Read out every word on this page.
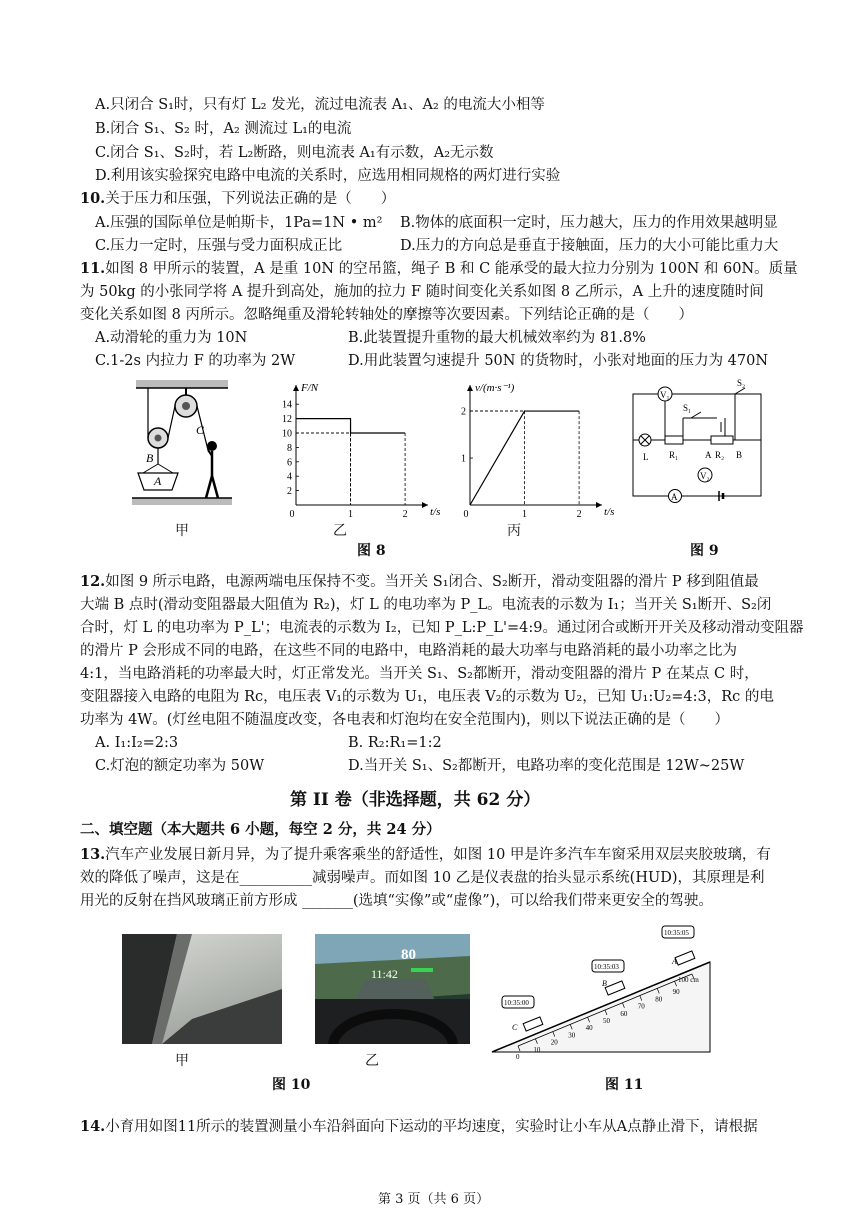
A.只闭合 S₁时，只有灯 L₂ 发光，流过电流表 A₁、A₂ 的电流大小相等
B.闭合 S₁、S₂ 时，A₂ 测流过 L₁的电流
C.闭合 S₁、S₂时，若 L₂断路，则电流表 A₁有示数，A₂无示数
D.利用该实验探究电路中电流的关系时，应选用相同规格的两灯进行实验
10.关于压力和压强，下列说法正确的是（　　）
A.压强的国际单位是帕斯卡，1Pa=1N • m² B.物体的底面积一定时，压力越大，压力的作用效果越明显
C.压力一定时，压强与受力面积成正比	D.压力的方向总是垂直于接触面，压力的大小可能比重力大
11.如图 8 甲所示的装置，A 是重 10N 的空吊篮，绳子 B 和 C 能承受的最大拉力分别为 100N 和 60N。质量
为 50kg 的小张同学将 A 提升到高处，施加的拉力 F 随时间变化关系如图 8 乙所示，A 上升的速度随时间
变化关系如图 8 丙所示。忽略绳重及滑轮转轴处的摩擦等次要因素。下列结论正确的是（　　）
A.动滑轮的重力为 10N	B.此装置提升重物的最大机械效率约为 81.8%
C.1-2s 内拉力 F 的功率为 2W	D.用此装置匀速提升 50N 的货物时，小张对地面的压力为 470N
A
B
C
甲
F/N
t/s
2
4
6
8
10
12
14
0	1	2
乙
v/(m·s⁻¹)
t/s
1
2
0	1	2
丙
图 8
V₁
V₂
A
L R₁	R₂
A	B
S₁
S₂
图 9
12.如图 9 所示电路，电源两端电压保持不变。当开关 S₁闭合、S₂断开，滑动变阻器的滑片 P 移到阻值最
大端 B 点时(滑动变阻器最大阻值为 R₂)，灯 L 的电功率为 P_L。电流表的示数为 I₁；当开关 S₁断开、S₂闭
合时，灯 L 的电功率为 P_L'；电流表的示数为 I₂，已知 P_L:P_L'=4:9。通过闭合或断开开关及移动滑动变阻器
的滑片 P 会形成不同的电路，在这些不同的电路中，电路消耗的最大功率与电路消耗的最小功率之比为
4:1，当电路消耗的功率最大时，灯正常发光。当开关 S₁、S₂都断开，滑动变阻器的滑片 P 在某点 C 时，
变阻器接入电路的电阻为 Rc，电压表 V₁的示数为 U₁，电压表 V₂的示数为 U₂，已知 U₁:U₂=4:3，Rc 的电
功率为 4W。(灯丝电阻不随温度改变，各电表和灯泡均在安全范围内)，则以下说法正确的是（　　）
A. I₁:I₂=2:3	B. R₂:R₁=1:2
C.灯泡的额定功率为 50W	D.当开关 S₁、S₂都断开，电路功率的变化范围是 12W~25W
第 II 卷（非选择题，共 62 分）
二、填空题（本大题共 6 小题，每空 2 分，共 24 分）
13.汽车产业发展日新月异，为了提升乘客乘坐的舒适性，如图 10 甲是许多汽车车窗采用双层夹胶玻璃，有
效的降低了噪声，这是在__________减弱噪声。而如图 10 乙是仪表盘的抬头显示系统(HUD)，其原理是利
用光的反射在挡风玻璃正前方形成 _______(选填“实像”或“虚像”)，可以给我们带来更安全的驾驶。
甲
80
11:42
乙
图 10
0
10
20
30
40
50
60
70
80
90
100 cm
C
B
A
10:35:00
10:35:03
10:35:05
图 11
14.小育用如图11所示的装置测量小车沿斜面向下运动的平均速度，实验时让小车从A点静止滑下，请根据
第 3 页（共 6 页）
